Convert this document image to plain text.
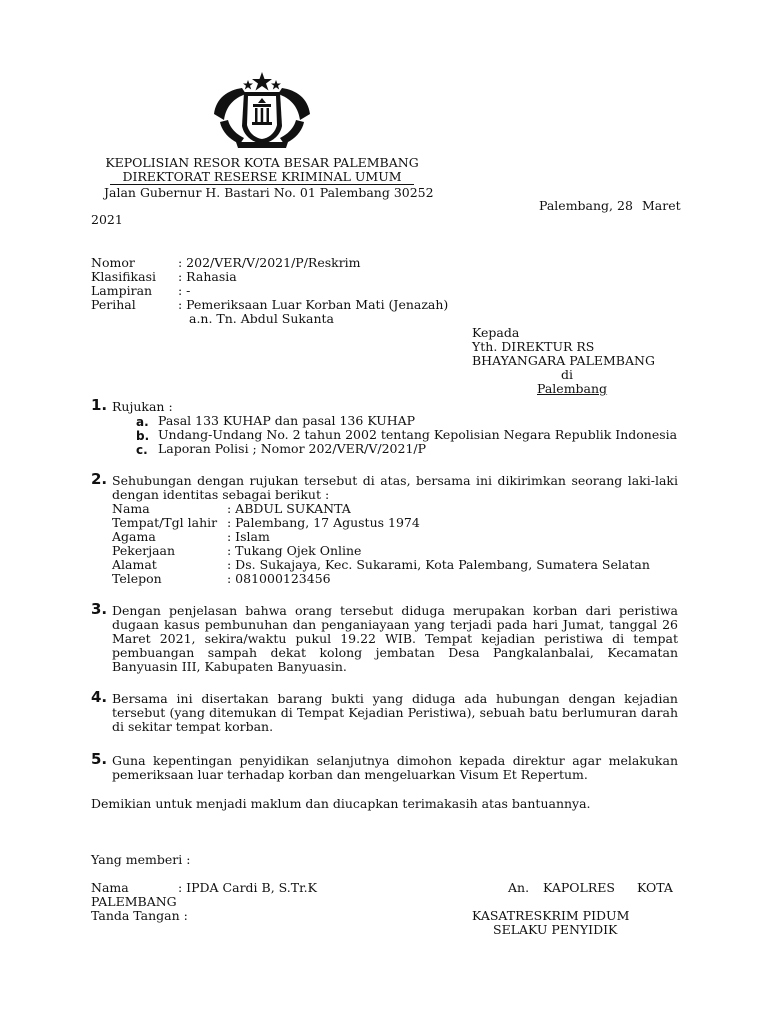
KEPOLISIAN RESOR KOTA BESAR PALEMBANG
DIREKTORAT RESERSE KRIMINAL UMUM
Jalan Gubernur H. Bastari No. 01 Palembang 30252
Palembang, 28 Maret
2021
Nomor	: 202/VER/V/2021/P/Reskrim
Klasifikasi : Rahasia
Lampiran : -
Perihal	: Pemeriksaan Luar Korban Mati (Jenazah)
a.n. Tn. Abdul Sukanta
Kepada
Yth. DIREKTUR RS
BHAYANGARA PALEMBANG
di
Palembang
1. Rujukan :
a. Pasal 133 KUHAP dan pasal 136 KUHAP
b. Undang-Undang No. 2 tahun 2002 tentang Kepolisian Negara Republik Indonesia
c. Laporan Polisi ; Nomor 202/VER/V/2021/P
2. Sehubungan dengan rujukan tersebut di atas, bersama ini dikirimkan seorang laki-laki dengan identitas sebagai berikut :
Nama	: ABDUL SUKANTA
Tempat/Tgl lahir : Palembang, 17 Agustus 1974
Agama	: Islam
Pekerjaan	: Tukang Ojek Online
Alamat	: Ds. Sukajaya, Kec. Sukarami, Kota Palembang, Sumatera Selatan
Telepon	: 081000123456
3. Dengan penjelasan bahwa orang tersebut diduga merupakan korban dari peristiwa dugaan kasus pembunuhan dan penganiayaan yang terjadi pada hari Jumat, tanggal 26 Maret 2021, sekira/waktu pukul 19.22 WIB. Tempat kejadian peristiwa di tempat pembuangan sampah dekat kolong jembatan Desa Pangkalanbalai, Kecamatan Banyuasin III, Kabupaten Banyuasin.
4. Bersama ini disertakan barang bukti yang diduga ada hubungan dengan kejadian tersebut (yang ditemukan di Tempat Kejadian Peristiwa), sebuah batu berlumuran darah di sekitar tempat korban.
5. Guna kepentingan penyidikan selanjutnya dimohon kepada direktur agar melakukan pemeriksaan luar terhadap korban dan mengeluarkan Visum Et Repertum.
Demikian untuk menjadi maklum dan diucapkan terimakasih atas bantuannya.
Yang memberi :
Nama	: IPDA Cardi B, S.Tr.K	An. KAPOLRES KOTA
PALEMBANG
Tanda Tangan :	KASATRESKRIM PIDUM
SELAKU PENYIDIK
